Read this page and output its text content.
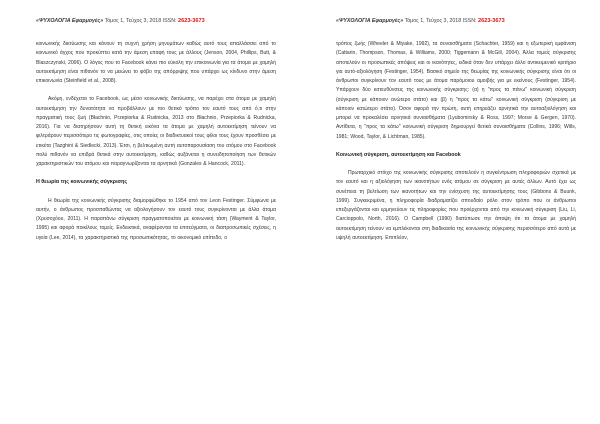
«ΨΥΧΟΛΟΓΙΑ Εφαρμογές» Τόμος 1, Τεύχος 3, 2018 ISSN: 2623-3673

κοινωνικής δικτύωσης και κάνουν τη συχνή χρήση μηνυμάτων καθώς αυτό τους απαλλάσσει από το κοινωνικό άγχος που προκύπτει κατά την άμεση επαφή τους με άλλους (Jenson, 2004, Phillips, Butt, & Blaszczynski, 2006). Ο λόγος που το Facebook κάνει πιο εύκολη την επικοινωνία για τα άτομα με χαμηλή αυτοεκτίμηση είναι πιθανόν το να μειώνει το φόβο της απόρριψης που υπάρχει ως κίνδυνο στην άμεση επικοινωνία (Steinfield et al., 2008).

Ακόμη, ενδέχεται το Facebook, ως μέσο κοινωνικής δικτύωσης, να παρέχει στα άτομα με χαμηλή αυτοεκτίμηση την δυνατότητα να προβάλλουν με πιο θετικό τρόπο τον εαυτό τους από ό,τι στην πραγματική τους ζωή (Błachnio, Przepiorka & Rudnicka, 2013 στο Błachnio, Przepiorka & Rudnicka, 2016). Για να διατηρήσουν αυτή τη θετική εικόνα τα άτομα με χαμηλή αυτοεκτίμηση τείνουν να φιλτράρουν περισσότερο τις φωτογραφίες, οτις οποίες οι διαδικτυακοί τους φίλοι τους έχουν προσθέσει με ετικέτα (Tazghini & Siedlecki, 2013). Έτσι, η βελτιωμένη αυτή αυτοπαρουσίαση του ατόμου στο Facebook πολύ πιθανόν να επιδρά θετικά στην αυτοεκτίμηση, καθώς αυξάνεται η συνειδητοποίηση των θετικών χαρακτηριστικών του ατόμου και παραγνωρίζονται τα αρνητικά (Gonzales & Hancock, 2011).

Η θεωρία της κοινωνικής σύγκρισης

Η θεωρία της κοινωνικής σύγκρισης διαμορφώθηκε το 1954 από τον Leon Festinger. Σύμφωνα με αυτήν, ο άνθρωπος προσπαθώντας να αξιολογήσουν τον εαυτό τους συγκρίνονται με άλλα άτομα (Χρυσοχόου, 2011). Η παραπάνω σύγκριση πραγματοποιείται με κοινωνική τάση (Wayment & Taylor, 1995) και αφορά ποικίλους τομείς. Ενδεικτικά, αναφέρονται τα επιτεύγματα, οι διαπροσωπικές σχέσεις, η υγεία (Lee, 2014), τα χαρακτηριστικά της προσωπικότητας, το οικονομικό επίπεδο, ο

«ΨΥΧΟΛΟΓΙΑ Εφαρμογές» Τόμος 1, Τεύχος 3, 2018 ISSN: 2623-3673

τρόπος ζωής (Wheeler & Miyake, 1992), τα συναισθήματα (Schachter, 1959) και η εξωτερική εμφάνιση (Cattarin, Thompson, Thomas, & Williams, 2000; Tiggemann & McGill, 2004). Άλλα τομείς σύγκρισης αποτελούν οι προσωπικές απόψεις και οι ικανότητες, ειδικά όταν δεν υπάρχει άλλο αντικειμενικό κριτήριο για αυτό-αξιολόγηση (Festinger, 1954). Βασικό σημείο της θεωρίας της κοινωνικής σύγκρισης είναι ότι οι άνθρωποι συγκρίνουν τον εαυτό τους με άτομα παρόμοιου αμοιβής για με εκείνους (Festinger, 1954). Υπάρχουν δύο κατευθύνσεις της κοινωνικής σύγκρισης: (α) η "προς τα πάνω" κοινωνική σύγκριση (σύγκριση με κάποιον ανώτερο στάτο) και (β) η "προς τα κάτω" κοινωνική σύγκριση (σύγκριση με κάποιον κατώτερο στάτο). Όσον αφορά την πρώτη, αυτή επηρεάζει αρνητικά την αυτοαξιολόγηση και μπορεί να προκαλέσει αρνητικά συναισθήματα (Lyubomirsky & Ross, 1997; Morse & Gergen, 1970). Αντίθετα, η "προς τα κάτω" κοινωνική σύγκριση δημιουργεί θετικά συναισθήματα (Collins, 1996; Wills, 1981; Wood, Taylor, & Lichtman, 1985).

Κοινωνική σύγκριση, αυτοεκτίμηση και Facebook

Πρωταρχικό στόιχο της κοινωνικής σύγκρισης αποτελούν η συγκέντρωση πληροφοριών σχετικά με τον εαυτό και η αξιολόγηση των ικανοτήτων ενός ατόμου σε σύγκριση με αυτές άλλων. Αυτό έχει ως συνέπεια τη βελτίωση των ικανοτήτων και την ενίσχυση της αυτοεκτίμησης τους (Gibbons & Buunk, 1999). Συγκεκριμένα, η πληροφορία διαδραματίζει σπουδαίο ρόλο στον τρόπο που οι άνθρωποι επεξεργάζονται και ερμηνεύουν τις πληροφορίες που προέρχονται από την κοινωνική σύγκριση (Liu, Li, Carcioppolo, North, 2016). Ο Campbell (1990) διατύπωσε την άποψη ότι τα άτομα με χαμηλή αυτοεκτίμηση τείνουν να εμπλέκονται στη διαδικασία της κοινωνικής σύγκρισης περισσότερο από αυτά με υψηλή αυτοεκτίμηση. Επιπλέον,
